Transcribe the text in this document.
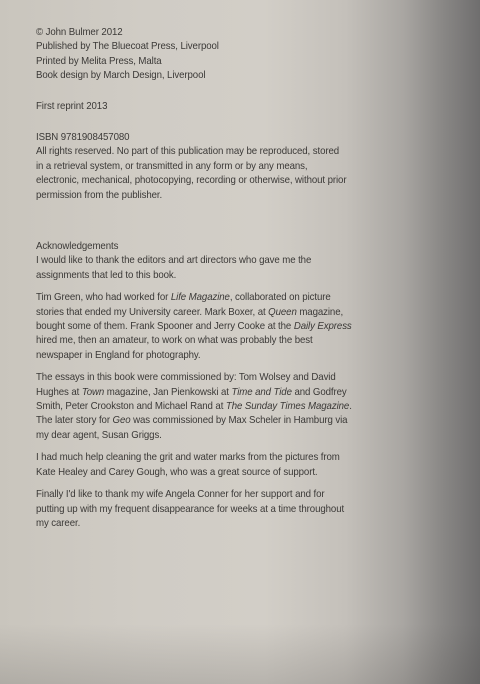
© John Bulmer 2012
Published by The Bluecoat Press, Liverpool
Printed by Melita Press, Malta
Book design by March Design, Liverpool
First reprint 2013
ISBN 9781908457080
All rights reserved. No part of this publication may be reproduced, stored
in a retrieval system, or transmitted in any form or by any means,
electronic, mechanical, photocopying, recording or otherwise, without prior
permission from the publisher.
Acknowledgements
I would like to thank the editors and art directors who gave me the
assignments that led to this book.
Tim Green, who had worked for Life Magazine, collaborated on picture
stories that ended my University career. Mark Boxer, at Queen magazine,
bought some of them. Frank Spooner and Jerry Cooke at the Daily Express
hired me, then an amateur, to work on what was probably the best
newspaper in England for photography.
The essays in this book were commissioned by: Tom Wolsey and David
Hughes at Town magazine, Jan Pienkowski at Time and Tide and Godfrey
Smith, Peter Crookston and Michael Rand at The Sunday Times Magazine.
The later story for Geo was commissioned by Max Scheler in Hamburg via
my dear agent, Susan Griggs.
I had much help cleaning the grit and water marks from the pictures from
Kate Healey and Carey Gough, who was a great source of support.
Finally I'd like to thank my wife Angela Conner for her support and for
putting up with my frequent disappearance for weeks at a time throughout
my career.
